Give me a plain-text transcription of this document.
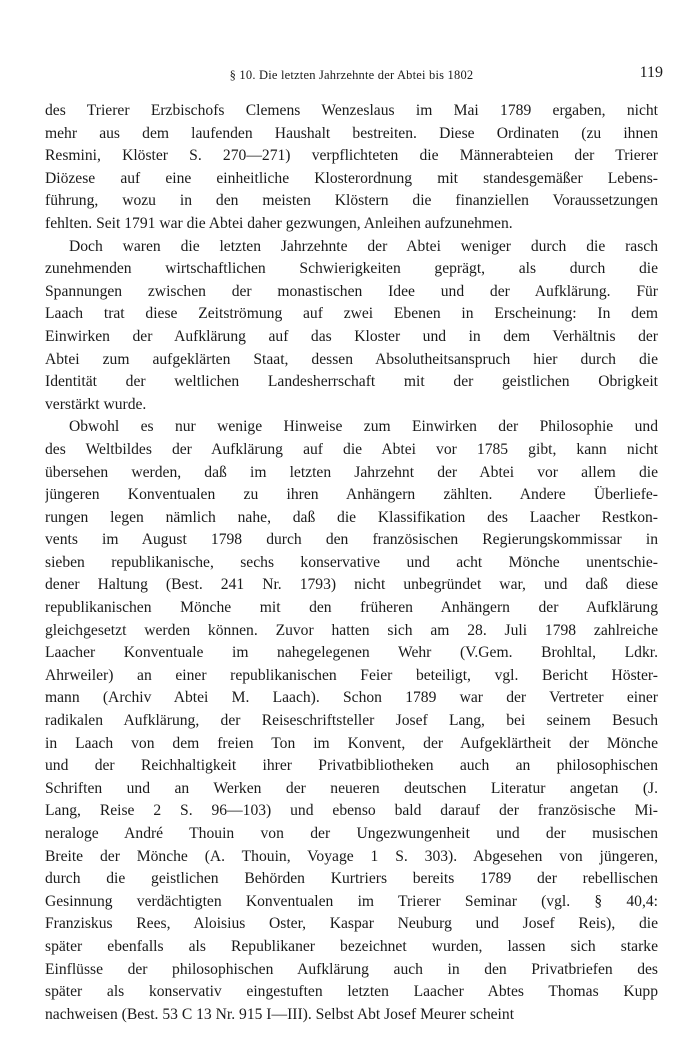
§ 10. Die letzten Jahrzehnte der Abtei bis 1802	119
des Trierer Erzbischofs Clemens Wenzeslaus im Mai 1789 ergaben, nicht
mehr aus dem laufenden Haushalt bestreiten. Diese Ordinaten (zu ihnen
Resmini, Klöster S. 270—271) verpflichteten die Männerabteien der Trierer
Diözese auf eine einheitliche Klosterordnung mit standesgemäßer Lebens-
führung, wozu in den meisten Klöstern die finanziellen Voraussetzungen
fehlten. Seit 1791 war die Abtei daher gezwungen, Anleihen aufzunehmen.
Doch waren die letzten Jahrzehnte der Abtei weniger durch die rasch
zunehmenden wirtschaftlichen Schwierigkeiten geprägt, als durch die
Spannungen zwischen der monastischen Idee und der Aufklärung. Für
Laach trat diese Zeitströmung auf zwei Ebenen in Erscheinung: In dem
Einwirken der Aufklärung auf das Kloster und in dem Verhältnis der
Abtei zum aufgeklärten Staat, dessen Absolutheitsanspruch hier durch die
Identität der weltlichen Landesherrschaft mit der geistlichen Obrigkeit
verstärkt wurde.
Obwohl es nur wenige Hinweise zum Einwirken der Philosophie und
des Weltbildes der Aufklärung auf die Abtei vor 1785 gibt, kann nicht
übersehen werden, daß im letzten Jahrzehnt der Abtei vor allem die
jüngeren Konventualen zu ihren Anhängern zählten. Andere Überliefe-
rungen legen nämlich nahe, daß die Klassifikation des Laacher Restkon-
vents im August 1798 durch den französischen Regierungskommissar in
sieben republikanische, sechs konservative und acht Mönche unentschie-
dener Haltung (Best. 241 Nr. 1793) nicht unbegründet war, und daß diese
republikanischen Mönche mit den früheren Anhängern der Aufklärung
gleichgesetzt werden können. Zuvor hatten sich am 28. Juli 1798 zahlreiche
Laacher Konventuale im nahegelegenen Wehr (V.Gem. Brohltal, Ldkr.
Ahrweiler) an einer republikanischen Feier beteiligt, vgl. Bericht Höster-
mann (Archiv Abtei M. Laach). Schon 1789 war der Vertreter einer
radikalen Aufklärung, der Reiseschriftsteller Josef Lang, bei seinem Besuch
in Laach von dem freien Ton im Konvent, der Aufgeklärtheit der Mönche
und der Reichhaltigkeit ihrer Privatbibliotheken auch an philosophischen
Schriften und an Werken der neueren deutschen Literatur angetan (J.
Lang, Reise 2 S. 96—103) und ebenso bald darauf der französische Mi-
neraloge André Thouin von der Ungezwungenheit und der musischen
Breite der Mönche (A. Thouin, Voyage 1 S. 303). Abgesehen von jüngeren,
durch die geistlichen Behörden Kurtriers bereits 1789 der rebellischen
Gesinnung verdächtigten Konventualen im Trierer Seminar (vgl. § 40,4:
Franziskus Rees, Aloisius Oster, Kaspar Neuburg und Josef Reis), die
später ebenfalls als Republikaner bezeichnet wurden, lassen sich starke
Einflüsse der philosophischen Aufklärung auch in den Privatbriefen des
später als konservativ eingestuften letzten Laacher Abtes Thomas Kupp
nachweisen (Best. 53 C 13 Nr. 915 I—III). Selbst Abt Josef Meurer scheint
